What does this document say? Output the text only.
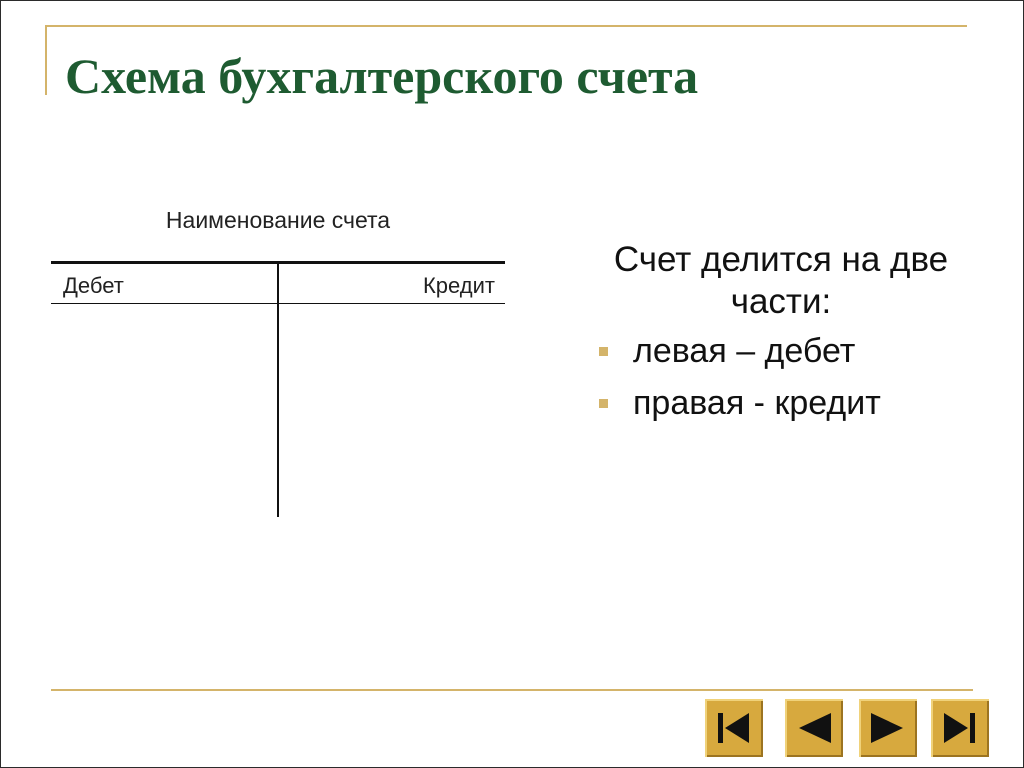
Схема бухгалтерского счета
Наименование счета
Дебет	Кредит

Счет делится на две части:

левая – дебет
правая - кредит
